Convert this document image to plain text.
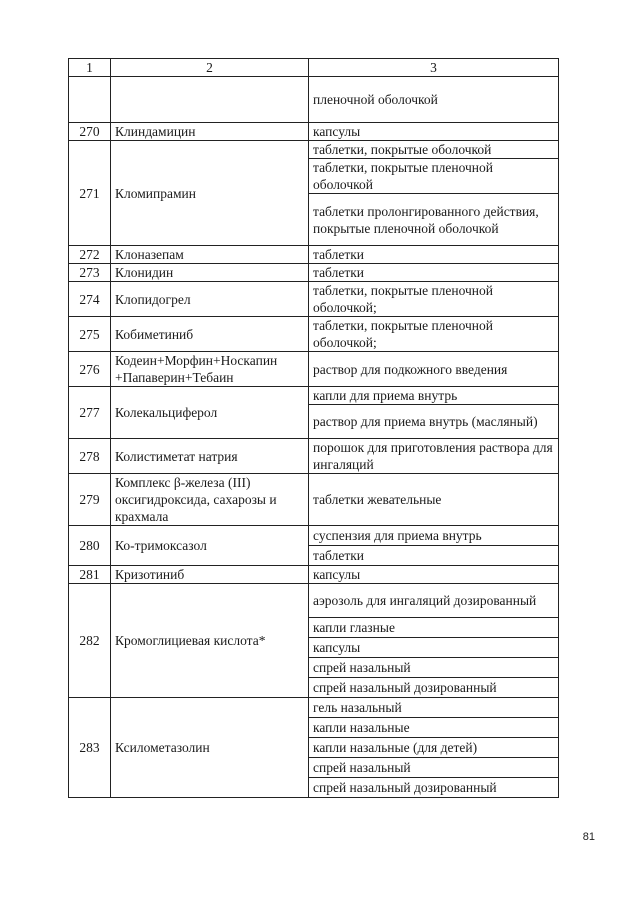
1	2	3
		пленочной оболочкой
270	Клиндамицин	капсулы
271	Кломипрамин	таблетки, покрытые оболочкой
		таблетки, покрытые пленочной оболочкой
		таблетки пролонгированного действия, покрытые пленочной оболочкой
272	Клоназепам	таблетки
273	Клонидин	таблетки
274	Клопидогрел	таблетки, покрытые пленочной оболочкой;
275	Кобиметиниб	таблетки, покрытые пленочной оболочкой;
276	Кодеин+Морфин+Носкапин +Папаверин+Тебаин	раствор для подкожного введения
277	Колекальциферол	капли для приема внутрь
		раствор для приема внутрь (масляный)
278	Колистиметат натрия	порошок для приготовления раствора для ингаляций
279	Комплекс β-железа (III) оксигидроксида, сахарозы и крахмала	таблетки жевательные
280	Ко-тримоксазол	суспензия для приема внутрь
		таблетки
281	Кризотиниб	капсулы
282	Кромоглициевая кислота*	аэрозоль для ингаляций дозированный
		капли глазные
		капсулы
		спрей назальный
		спрей назальный дозированный
283	Ксилометазолин	гель назальный
		капли назальные
		капли назальные (для детей)
		спрей назальный
		спрей назальный дозированный
81
